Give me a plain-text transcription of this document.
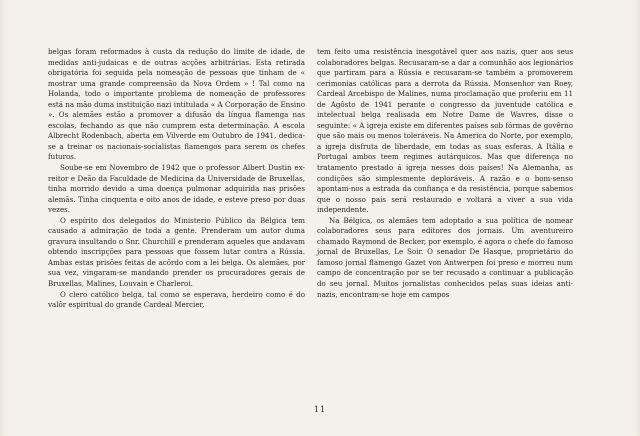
belgas foram reformados à custa da redução do limite de idade, de medidas anti-judaicas e de outras acções arbitrárias. Esta retirada obrigatória foi seguida pela nomeação de pessoas que tinham de « mostrar uma grande compreensão da Nova Ordem » ! Tal como na Holanda, todo o importante problema de nomeação de professores está na mão duma instituição nazi intitulada « A Corporação de Ensino ». Os alemães estão a promover a difusão da língua flamenga nas escolas, fechando as que não cumprem esta determinação. A escola Albrecht Rodenbach, aberta em Vilverde em Outubro de 1941, dedica-se a treinar os nacionais-socialistas flamengos para serem os chefes futuros.

Soube-se em Novembro de 1942 que o professor Albert Dustin ex-reitor e Deão da Faculdade de Medicina da Universidade de Bruxellas, tinha morrido devido a uma doença pulmonar adquirida nas prisões alemãs. Tinha cinquenta e oito anos de idade, e esteve preso por duas vezes.

O espírito dos delegados do Ministerio Público da Bélgica tem causado a admiração de toda a gente. Prenderam um autor duma gravura insultando o Snr. Churchill e prenderam aqueles que andavam obtendo inscripções para pessoas que fossem lutar contra a Rússia. Ambas estas prisões feitas de acôrdo com a lei belga. Os alemães, por sua vez, vingaram-se mandando prender os procuradores gerais de Bruxellas, Malines, Louvain e Charleroi.

O clero católico belga, tal como se esperava, herdeiro como é do valôr espiritual do grande Cardeal Mercier,

tem feito uma resistência inesgotável quer aos nazis, quer aos seus colaboradores belgas. Recusaram-se a dar a comunhão aos legionários que partiram para a Rússia e recusaram-se também a promoverem cerimonias católicas para a derrota da Rússia. Monsenhor van Roey, Cardeal Arcebispo de Malines, numa proclamação que proferiu em 11 de Agôsto de 1941 perante o congresso da juventude católica e intelectual belga realisada em Notre Dame de Wavres, disse o seguinte: « A igreja existe em diferentes países sob fórmas de govêrno que são mais ou menos toleráveis. Na America do Norte, por exemplo, a igreja disfruta de liberdade, em todas as suas esferas. A Itália e Portugal ambos teem regimes autárquicos. Mas que diferença no tratamento prestado á igreja nesses dois países! Na Alemanha, as condições são simplesmente deploráveis. A razão e o bom-senso apontam-nos a estrada da confiança e da resistência, porque sabemos que o nosso país será restaurado e voltará a viver a sua vida independente.

Na Bélgica, os alemães tem adoptado a sua política de nomear colaboradores seus para editores dos jornais. Um aventureiro chamado Raymond de Becker, por exemplo, é agora o chefe do famoso jornal de Bruxellas, Le Soir. O senador De Hasque, proprietário do famoso jornal flamengo Gazet von Antwerpen foi preso e morreu num campo de concentração por se ter recusado a continuar a publicação do seu jornal. Muitos jornalistas conhecidos pelas suas ideias anti-nazis, encontram-se hoje em campos

11
